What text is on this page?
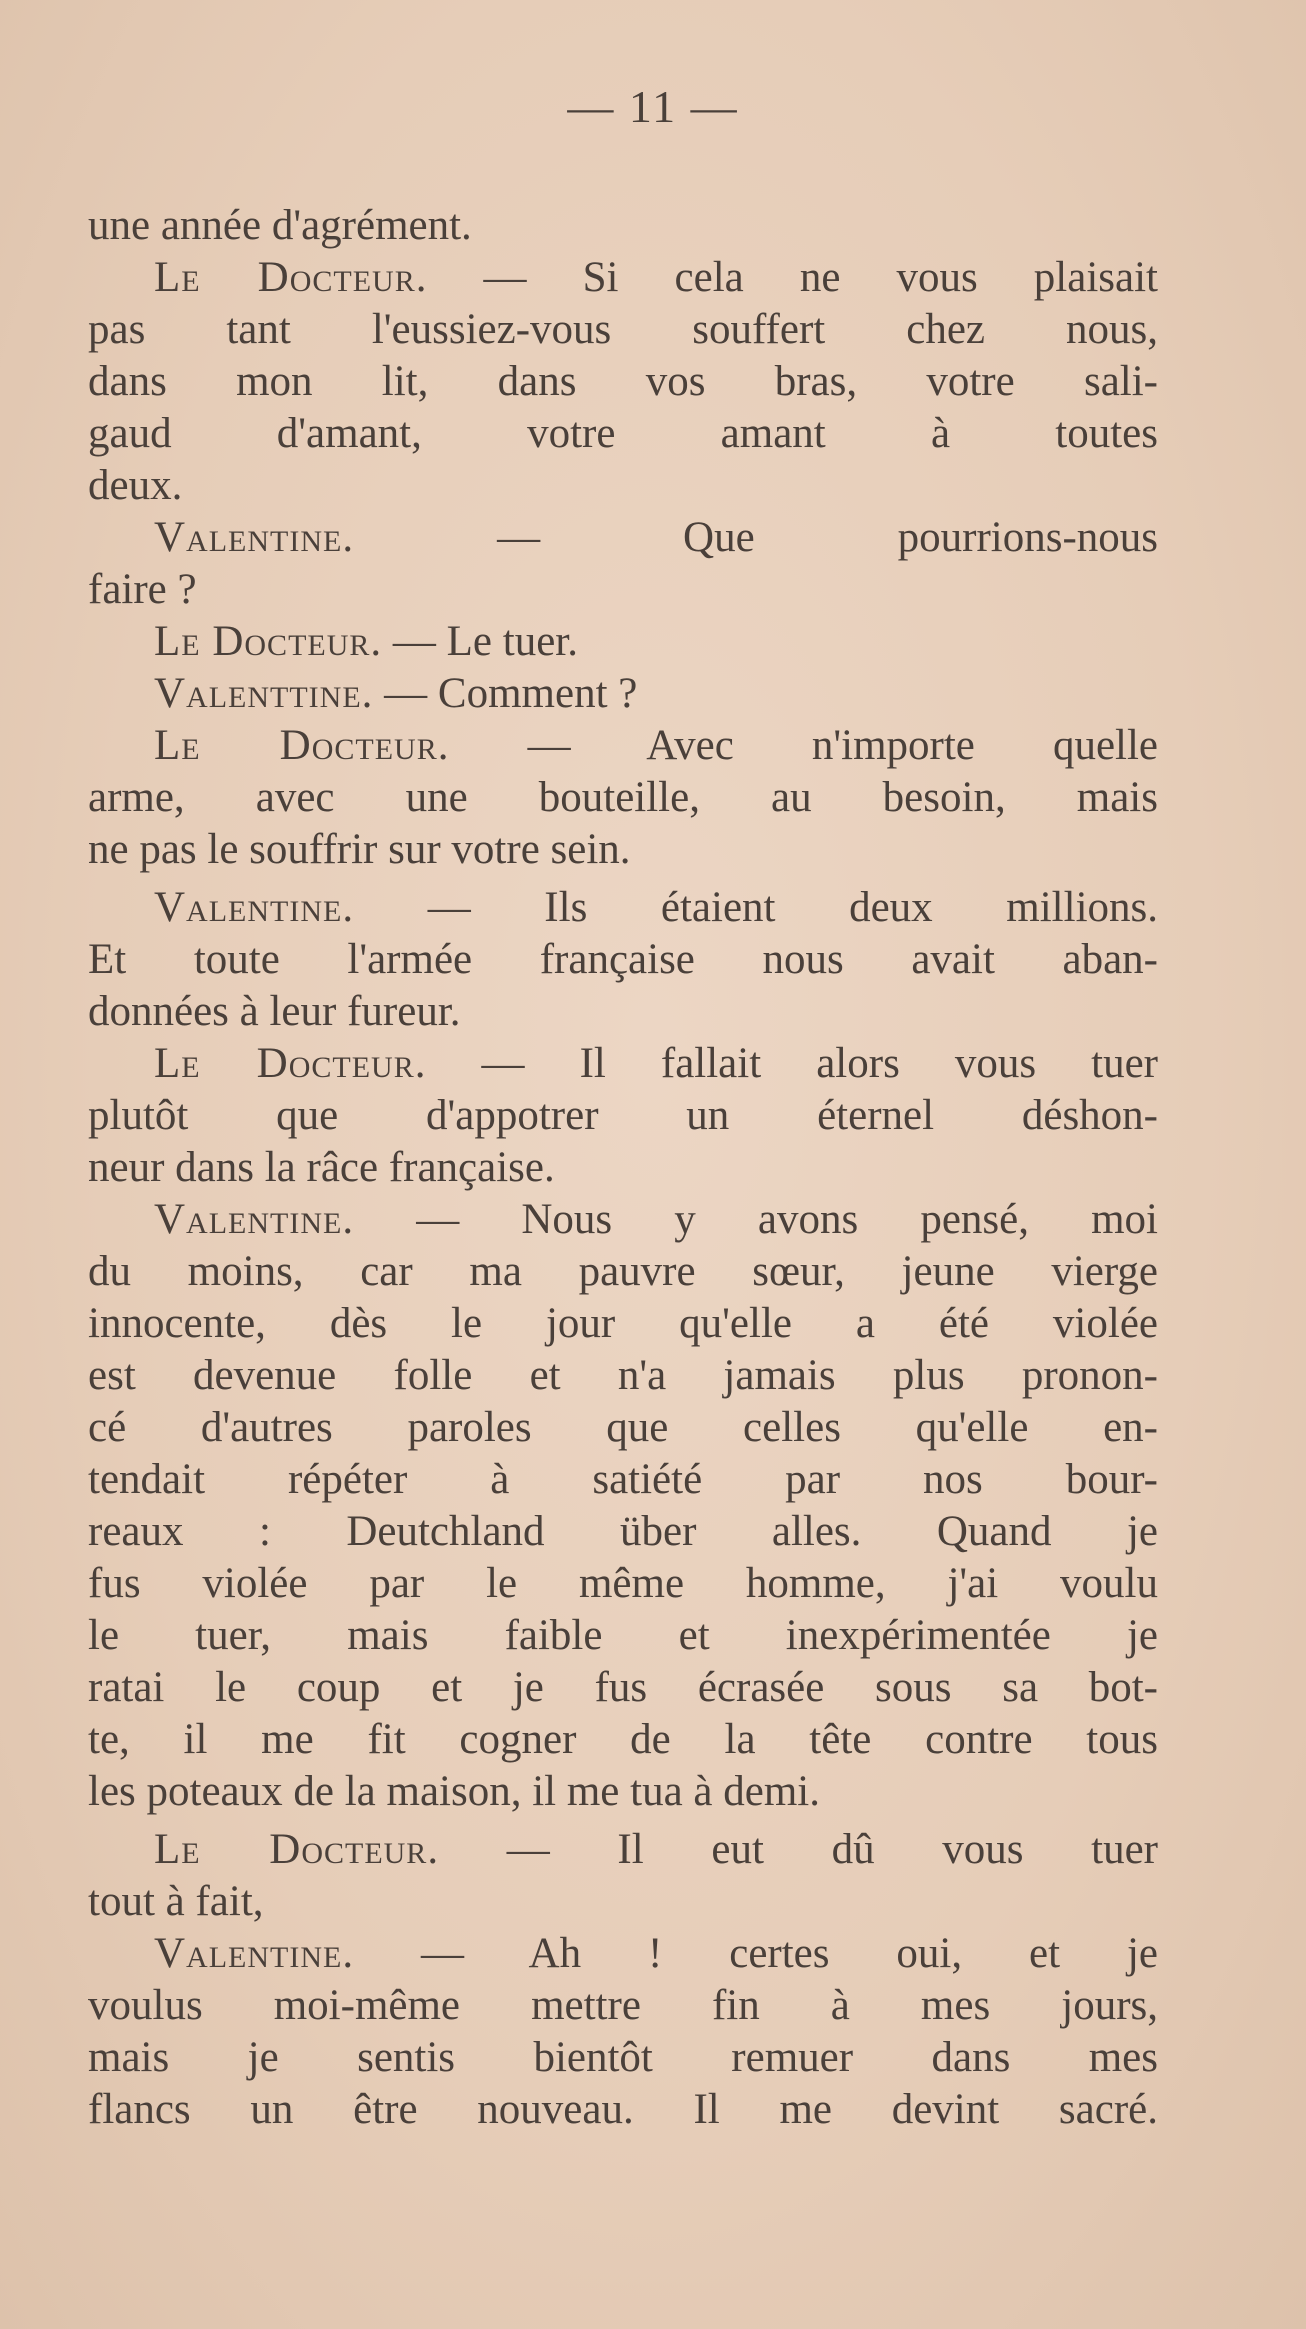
— 11 —
une année d'agrément.
Le Docteur. — Si cela ne vous plaisait
pas tant l'eussiez-vous souffert chez nous,
dans mon lit, dans vos bras, votre sali-
gaud d'amant, votre amant à toutes
deux.
Valentine.	— Que pourrions-nous
faire ?
Le Docteur. — Le tuer.
Valenttine. — Comment ?
Le Docteur. — Avec n'importe quelle
arme, avec une bouteille, au besoin, mais
ne pas le souffrir sur votre sein.
Valentine. — Ils étaient deux millions.
Et toute l'armée française nous avait aban-
données à leur fureur.
Le Docteur. — Il fallait alors vous tuer
plutôt que d'appotrer un éternel déshon-
neur dans la râce française.
Valentine. — Nous y avons pensé, moi
du moins, car ma pauvre sœur, jeune vierge
innocente, dès le jour qu'elle a été violée
est devenue folle et n'a jamais plus pronon-
cé d'autres paroles que celles qu'elle en-
tendait répéter à satiété par nos bour-
reaux : Deutchland über alles. Quand je
fus violée par le même homme, j'ai voulu
le tuer, mais faible et inexpérimentée je
ratai le coup et je fus écrasée sous sa bot-
te, il me fit cogner de la tête contre tous
les poteaux de la maison, il me tua à demi.
Le Docteur. — Il eut dû vous tuer
tout à fait,
Valentine. — Ah ! certes oui, et je
voulus moi-même mettre fin à mes jours,
mais je sentis bientôt remuer dans mes
flancs un être nouveau. Il me devint sacré.
